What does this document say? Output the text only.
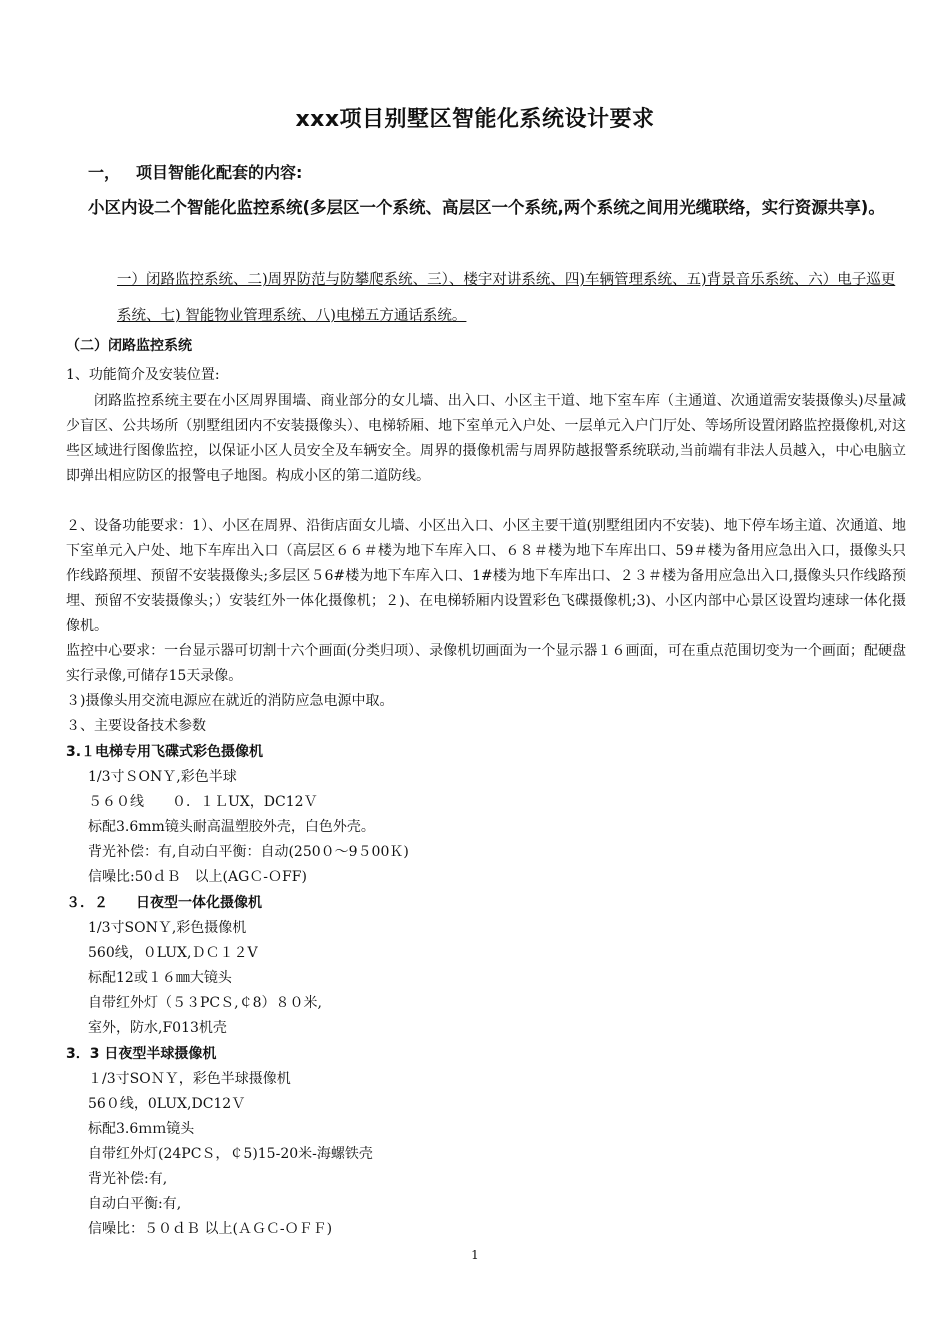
xxx项目别墅区智能化系统设计要求
一， 项目智能化配套的内容:
小区内设二个智能化监控系统(多层区一个系统、高层区一个系统,两个系统之间用光缆联络，实行资源共享)。
一）闭路监控系统、二)周界防范与防攀爬系统、三）、楼宇对讲系统、四)车辆管理系统、五)背景音乐系统、六）电子巡更系统、七) 智能物业管理系统、八)电梯五方通话系统。
（二）闭路监控系统
1、功能简介及安装位置:
闭路监控系统主要在小区周界围墙、商业部分的女儿墙、出入口、小区主干道、地下室车库（主通道、次通道需安装摄像头)尽量减少盲区、公共场所（别墅组团内不安装摄像头）、电梯轿厢、地下室单元入户处、一层单元入户门厅处、等场所设置闭路监控摄像机,对这些区域进行图像监控，以保证小区人员安全及车辆安全。周界的摄像机需与周界防越报警系统联动,当前端有非法人员越入，中心电脑立即弹出相应防区的报警电子地图。构成小区的第二道防线。
２、设备功能要求：1）、小区在周界、沿街店面女儿墙、小区出入口、小区主要干道(别墅组团内不安装)、地下停车场主道、次通道、地下室单元入户处、地下车库出入口（高层区６６＃楼为地下车库入口、６８＃楼为地下车库出口、59＃楼为备用应急出入口，摄像头只作线路预埋、预留不安装摄像头;多层区５6#楼为地下车库入口、1#楼为地下车库出口、２３＃楼为备用应急出入口,摄像头只作线路预埋、预留不安装摄像头；）安装红外一体化摄像机；２)、在电梯轿厢内设置彩色飞碟摄像机;3)、小区内部中心景区设置均速球一体化摄像机。
监控中心要求：一台显示器可切割十六个画面(分类归项）、录像机切画面为一个显示器１６画面，可在重点范围切变为一个画面；配硬盘实行录像,可储存15天录像。
３)摄像头用交流电源应在就近的消防应急电源中取。
３、主要设备技术参数
3.１电梯专用飞碟式彩色摄像机
1/3寸ＳONＹ,彩色半球
５６０线　　０．１ＬUX，DC12Ｖ
标配3.6mm镜头耐高温塑胶外壳，白色外壳。
背光补偿：有,自动白平衡：自动(250０～9５00Ｋ)
信噪比:50ｄＢ　以上(AGＣ-ＯFF)
３．２　　日夜型一体化摄像机
1/3寸SONＹ,彩色摄像机
560线，０LUX,ＤＣ１２V
标配12或１６㎜大镜头
自带红外灯（５３PCＳ,￠8）８０米,
室外，防水,F013机壳
3．3 日夜型半球摄像机
１/3寸SOＮＹ，彩色半球摄像机
56０线，0LUX,DC12Ｖ
标配3.6ｍｍ镜头
自带红外灯(24PCＳ，￠5)15-20米-海螺铁壳
背光补偿:有,
自动白平衡:有,
信噪比：５０ｄＢ 以上(ＡＧＣ-ＯＦＦ)
1
